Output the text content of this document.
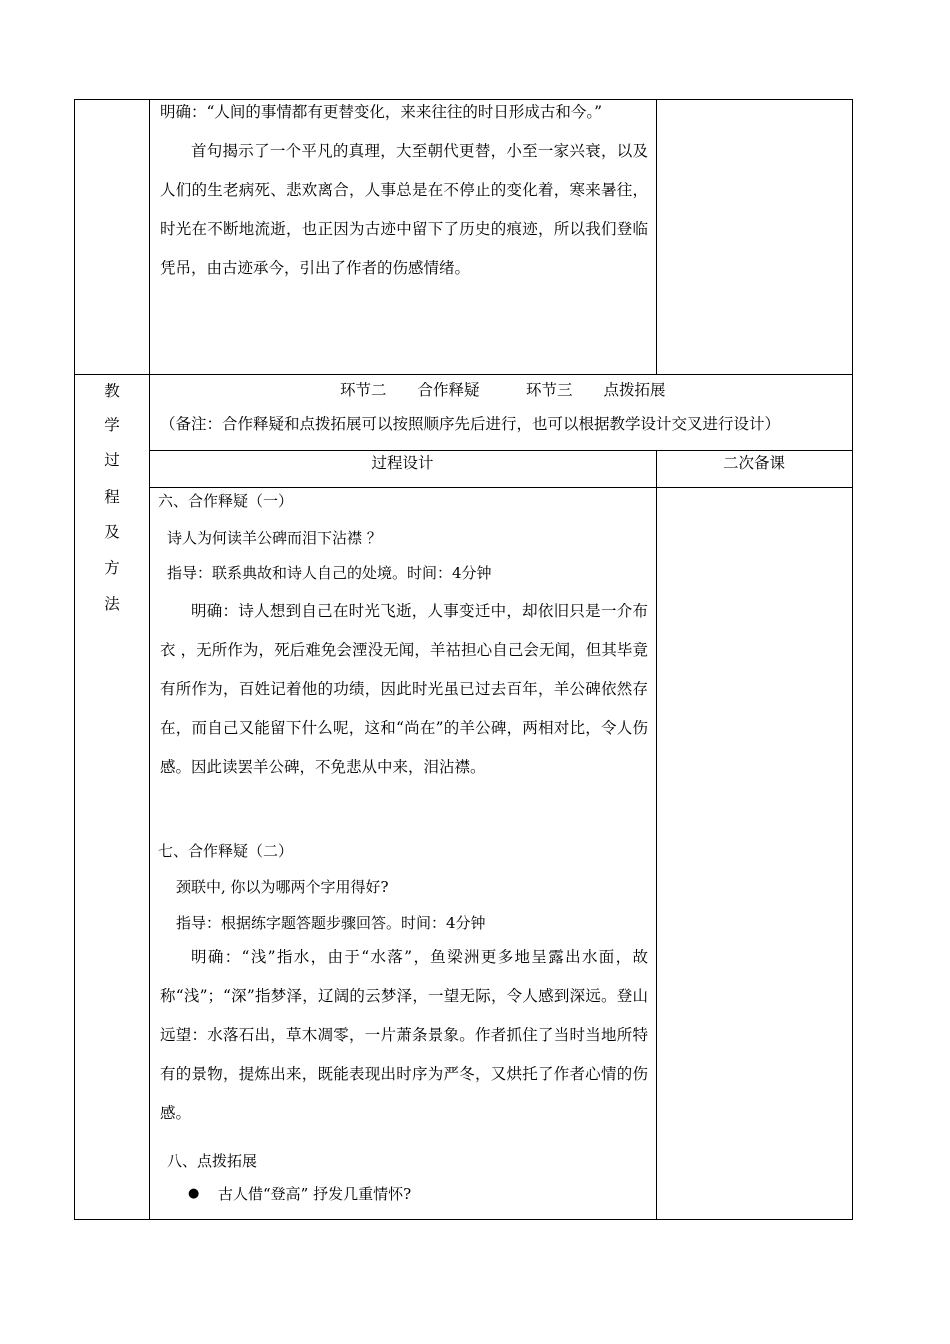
明确：“人间的事情都有更替变化，来来往往的时日形成古和今。”

首句揭示了一个平凡的真理，大至朝代更替，小至一家兴衰，以及人们的生老病死、悲欢离合，人事总是在不停止的变化着，寒来暑往，时光在不断地流逝，也正因为古迹中留下了历史的痕迹，所以我们登临凭吊，由古迹承今，引出了作者的伤感情绪。

教
学
过
程
及
方
法
环节二　　合作释疑　　　环节三　　点拨拓展
（备注：合作释疑和点拨拓展可以按照顺序先后进行，也可以根据教学设计交叉进行设计）
过程设计	二次备课
六、合作释疑（一）
诗人为何读羊公碑而泪下沾襟 ？
指导：联系典故和诗人自己的处境。时间：4分钟

明确：诗人想到自己在时光飞逝，人事变迁中，却依旧只是一介布衣 ，无所作为，死后难免会湮没无闻，羊祜担心自己会无闻，但其毕竟有所作为，百姓记着他的功绩，因此时光虽已过去百年，羊公碑依然存在，而自己又能留下什么呢，这和“尚在”的羊公碑，两相对比，令人伤感。因此读罢羊公碑，不免悲从中来，泪沾襟。

七、合作释疑（二）
颈联中, 你以为哪两个字用得好?
指导：根据练字题答题步骤回答。时间：4分钟

明确：“浅”指水，由于“水落”，鱼梁洲更多地呈露出水面，故称“浅”；“深”指梦泽，辽阔的云梦泽，一望无际，令人感到深远。登山远望：水落石出，草木凋零，一片萧条景象。作者抓住了当时当地所特有的景物，提炼出来，既能表现出时序为严冬，又烘托了作者心情的伤感。

八、点拨拓展
● 古人借“登高” 抒发几重情怀?
